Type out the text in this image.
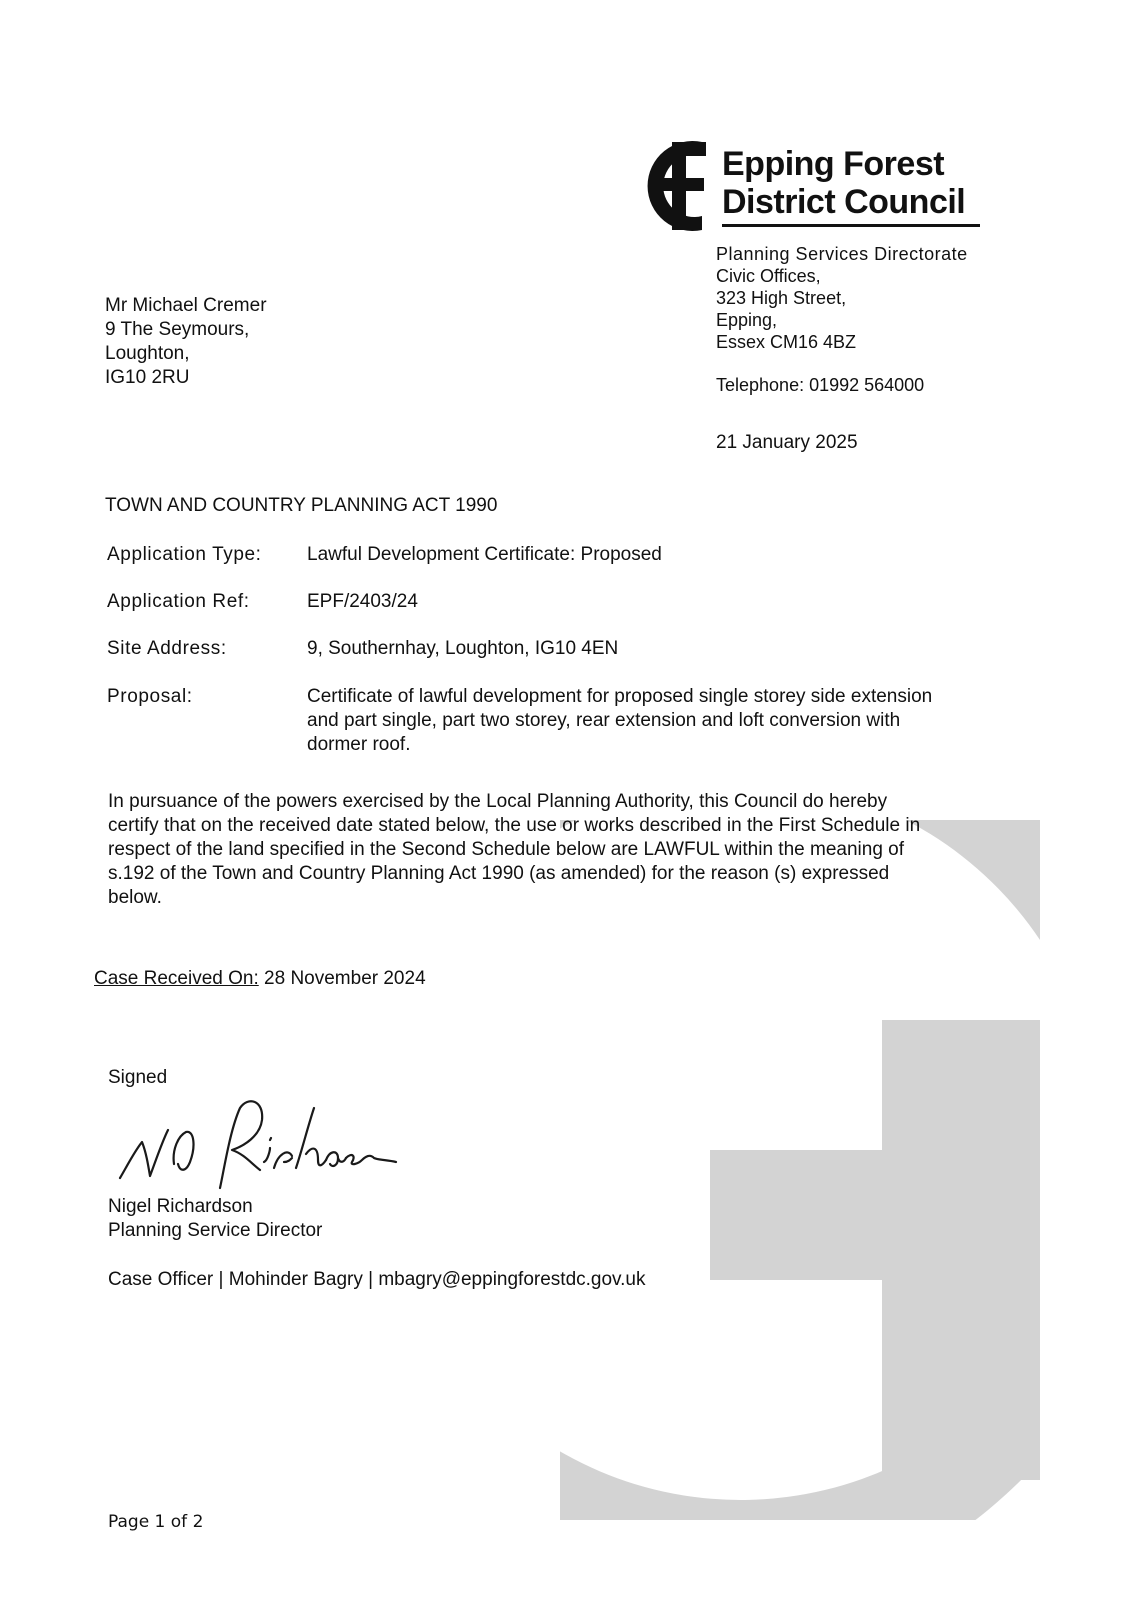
Epping Forest
District Council
Planning Services Directorate
Civic Offices,
323 High Street,
Epping,
Essex CM16 4BZ
Telephone: 01992 564000
21 January 2025
Mr Michael Cremer
9 The Seymours,
Loughton,
IG10 2RU
TOWN AND COUNTRY PLANNING ACT 1990
Application Type: Lawful Development Certificate: Proposed
Application Ref:	EPF/2403/24
Site Address:	9, Southernhay, Loughton, IG10 4EN
Proposal:	Certificate of lawful development for proposed single storey side extension
and part single, part two storey, rear extension and loft conversion with
dormer roof.
In pursuance of the powers exercised by the Local Planning Authority, this Council do hereby
certify that on the received date stated below, the use or works described in the First Schedule in
respect of the land specified in the Second Schedule below are LAWFUL within the meaning of
s.192 of the Town and Country Planning Act 1990 (as amended) for the reason (s) expressed
below.
Case Received On: 28 November 2024
Signed
Nigel Richardson
Planning Service Director
Case Officer | Mohinder Bagry | mbagry@eppingforestdc.gov.uk
Page 1 of 2
